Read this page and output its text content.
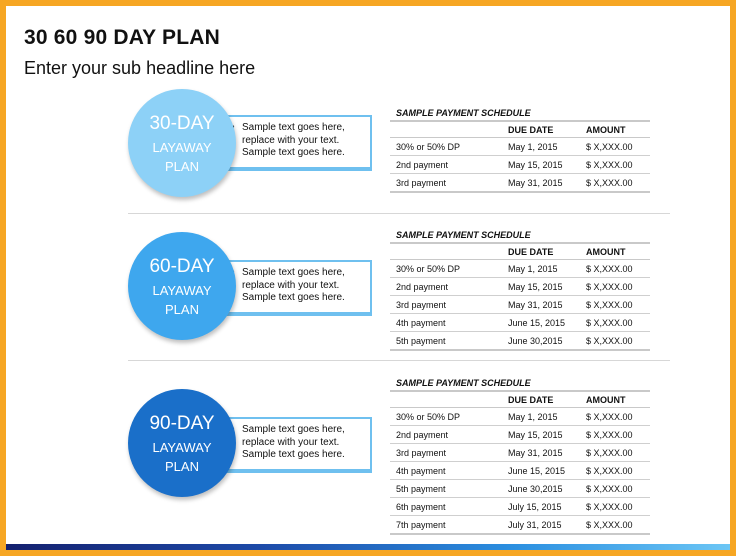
30 60 90 DAY PLAN
Enter your sub headline here
• Sample text goes here,
replace with your text.
• Sample text goes here.
30-DAY
LAYAWAY
PLAN
SAMPLE PAYMENT SCHEDULE
	DUE DATE	AMOUNT
30% or 50% DP	May 1, 2015	$ X,XXX.00
2nd payment	May 15, 2015	$ X,XXX.00
3rd payment	May 31, 2015	$ X,XXX.00
• Sample text goes here,
replace with your text.
• Sample text goes here.
60-DAY
LAYAWAY
PLAN
SAMPLE PAYMENT SCHEDULE
	DUE DATE	AMOUNT
30% or 50% DP	May 1, 2015	$ X,XXX.00
2nd payment	May 15, 2015	$ X,XXX.00
3rd payment	May 31, 2015	$ X,XXX.00
4th payment	June 15, 2015	$ X,XXX.00
5th payment	June 30,2015	$ X,XXX.00
• Sample text goes here,
replace with your text.
• Sample text goes here.
90-DAY
LAYAWAY
PLAN
SAMPLE PAYMENT SCHEDULE
	DUE DATE	AMOUNT
30% or 50% DP	May 1, 2015	$ X,XXX.00
2nd payment	May 15, 2015	$ X,XXX.00
3rd payment	May 31, 2015	$ X,XXX.00
4th payment	June 15, 2015	$ X,XXX.00
5th payment	June 30,2015	$ X,XXX.00
6th payment	July 15, 2015	$ X,XXX.00
7th payment	July 31, 2015	$ X,XXX.00
